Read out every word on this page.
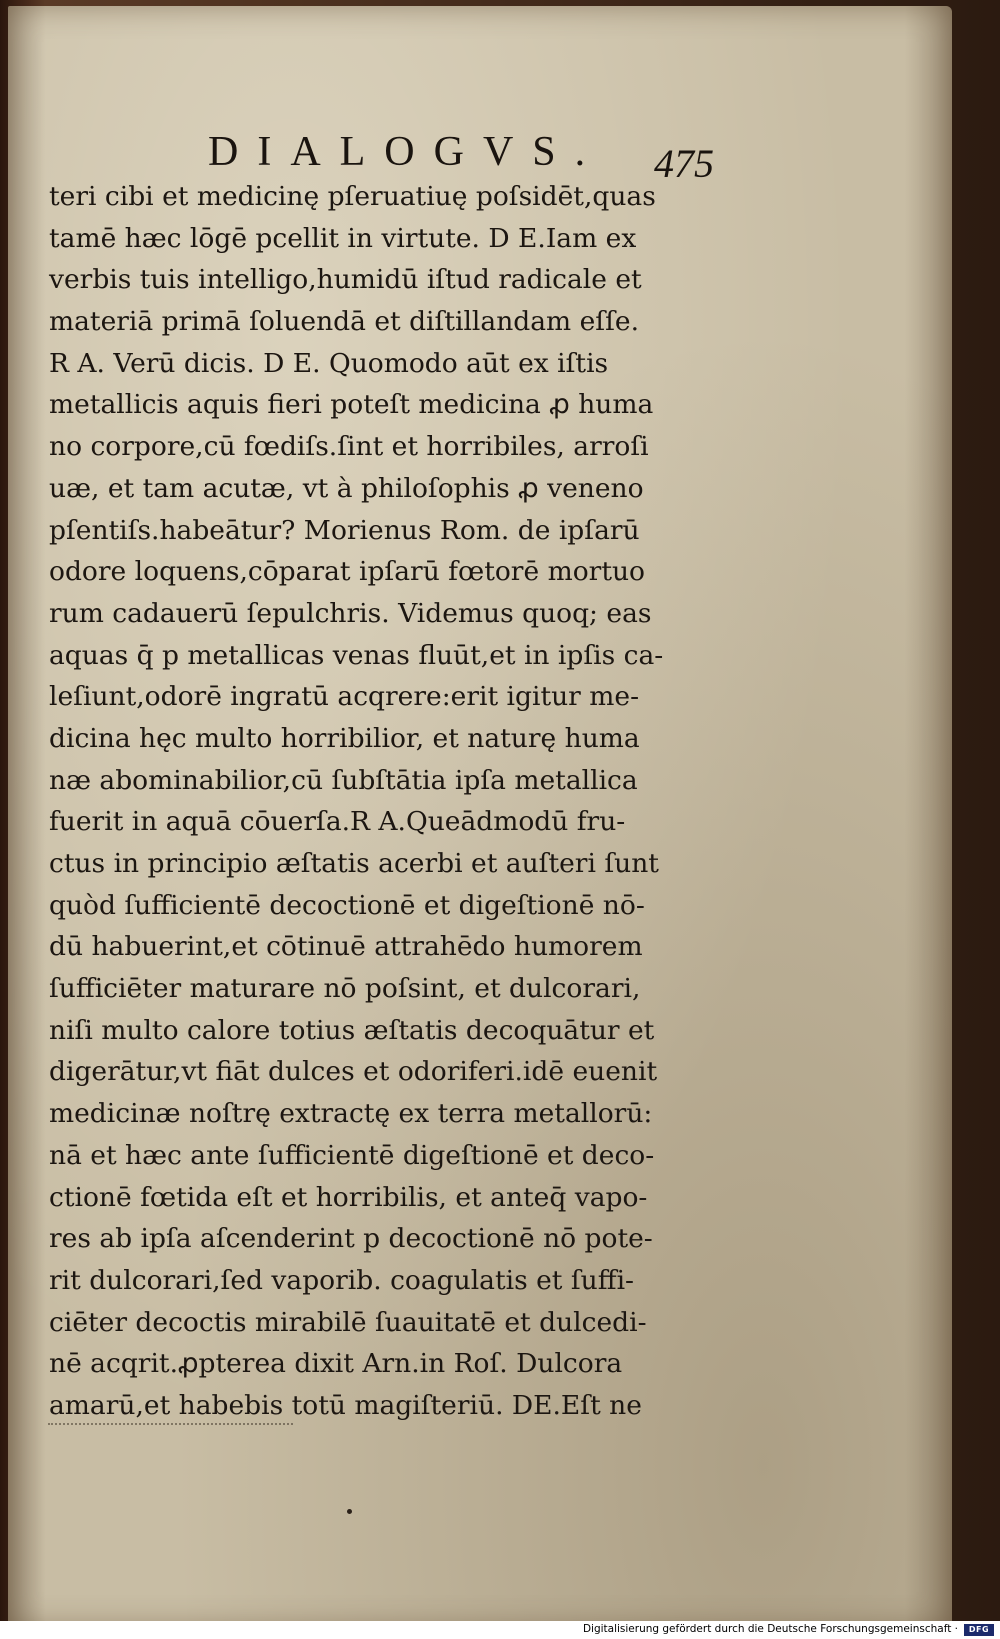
DIALOGVS. 475
teri cibi et medicinę pſeruatiuę poſsidēt,quas
tamē hæc lōgē pcellit in virtute. D E.Iam ex
verbis tuis intelligo,humidū iſtud radicale et
materiā primā ſoluendā et diſtillandam eſſe.
R A. Verū dicis. D E. Quomodo aūt ex iſtis
metallicis aquis fieri poteſt medicina ꝓ huma
no corpore,cū fœdiſs.ſint et horribiles, arroſi
uæ, et tam acutæ, vt à philoſophis ꝓ veneno
pſentiſs.habeātur? Morienus Rom. de ipſarū
odore loquens,cōparat ipſarū fœtorē mortuo
rum cadauerū ſepulchris. Videmus quoq; eas
aquas q̄ p metallicas venas fluūt,et in ipſis ca-
leſiunt,odorē ingratū acqrere:erit igitur me-
dicina hęc multo horribilior, et naturę huma
næ abominabilior,cū ſubſtātia ipſa metallica
fuerit in aquā cōuerſa.R A.Queādmodū fru-
ctus in principio æſtatis acerbi et auſteri ſunt
quòd ſufficientē decoctionē et digeſtionē nō-
dū habuerint,et cōtinuē attrahēdo humorem
ſufficiēter maturare nō poſsint, et dulcorari,
niſi multo calore totius æſtatis decoquātur et
digerātur,vt fiāt dulces et odoriferi.idē euenit
medicinæ noſtrę extractę ex terra metallorū:
nā et hæc ante ſufficientē digeſtionē et deco-
ctionē fœtida eſt et horribilis, et anteq̄ vapo-
res ab ipſa aſcenderint p decoctionē nō pote-
rit dulcorari,ſed vaporib. coagulatis et ſuffi-
ciēter decoctis mirabilē ſuauitatē et dulcedi-
nē acqrit.ꝓpterea dixit Arn.in Roſ. Dulcora
amarū,et habebis totū magiſteriū. DE.Eſt ne
Digitalisierung gefördert durch die Deutsche Forschungsgemeinschaft ·	DFG
